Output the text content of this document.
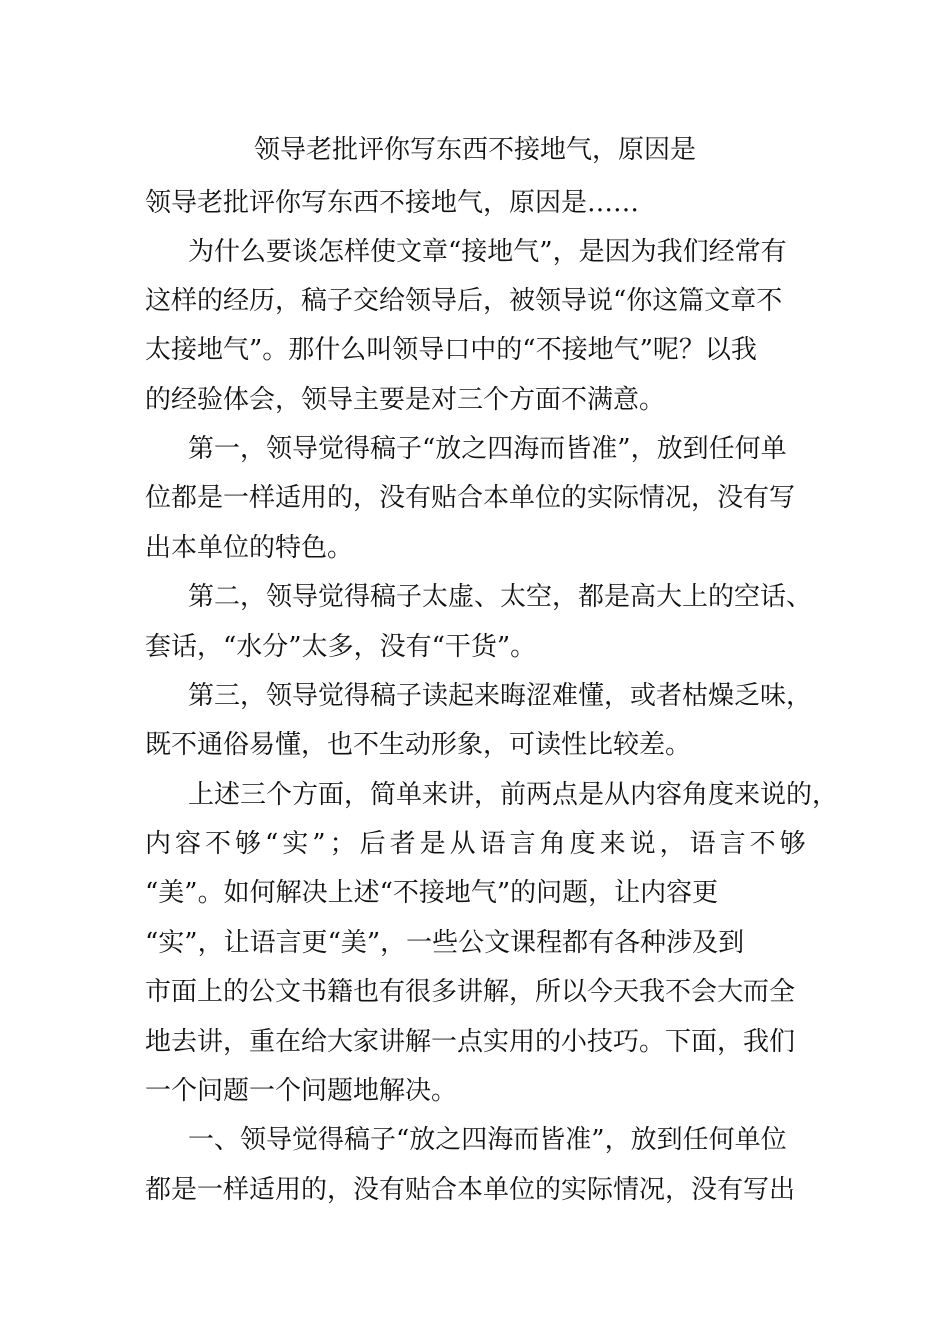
领导老批评你写东西不接地气，原因是

领导老批评你写东西不接地气，原因是……

为什么要谈怎样使文章“接地气”，是因为我们经常有

这样的经历，稿子交给领导后，被领导说“你这篇文章不

太接地气”。那什么叫领导口中的“不接地气”呢？以我

的经验体会，领导主要是对三个方面不满意。

第一，领导觉得稿子“放之四海而皆准”，放到任何单

位都是一样适用的，没有贴合本单位的实际情况，没有写

出本单位的特色。

第二，领导觉得稿子太虚、太空，都是高大上的空话、

套话，“水分”太多，没有“干货”。

第三，领导觉得稿子读起来晦涩难懂，或者枯燥乏味，

既不通俗易懂，也不生动形象，可读性比较差。

上述三个方面，简单来讲，前两点是从内容角度来说的，

内容不够“实”；后者是从语言角度来说，语言不够

“美”。如何解决上述“不接地气”的问题，让内容更

“实”，让语言更“美”，一些公文课程都有各种涉及到

市面上的公文书籍也有很多讲解，所以今天我不会大而全

地去讲，重在给大家讲解一点实用的小技巧。下面，我们

一个问题一个问题地解决。

一、领导觉得稿子“放之四海而皆准”，放到任何单位

都是一样适用的，没有贴合本单位的实际情况，没有写出
